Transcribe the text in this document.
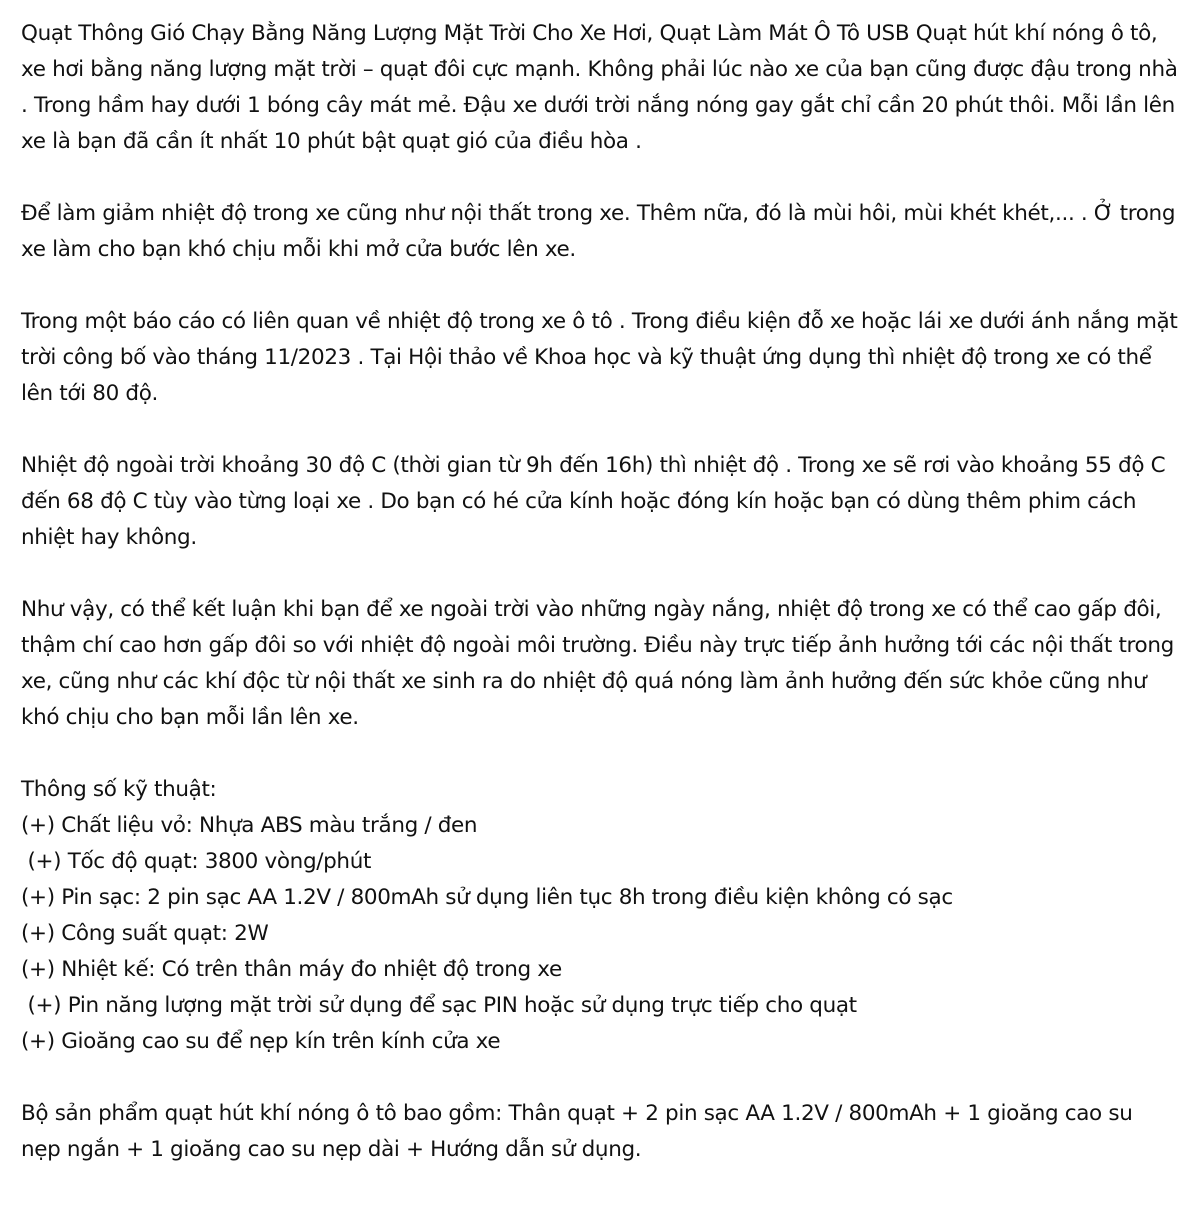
Quạt Thông Gió Chạy Bằng Năng Lượng Mặt Trời Cho Xe Hơi, Quạt Làm Mát Ô Tô USB Quạt hút khí nóng ô tô, xe hơi bằng năng lượng mặt trời – quạt đôi cực mạnh. Không phải lúc nào xe của bạn cũng được đậu trong nhà . Trong hầm hay dưới 1 bóng cây mát mẻ. Đậu xe dưới trời nắng nóng gay gắt chỉ cần 20 phút thôi. Mỗi lần lên xe là bạn đã cần ít nhất 10 phút bật quạt gió của điều hòa .

Để làm giảm nhiệt độ trong xe cũng như nội thất trong xe. Thêm nữa, đó là mùi hôi, mùi khét khét,... . Ở trong xe làm cho bạn khó chịu mỗi khi mở cửa bước lên xe.

Trong một báo cáo có liên quan về nhiệt độ trong xe ô tô . Trong điều kiện đỗ xe hoặc lái xe dưới ánh nắng mặt trời công bố vào tháng 11/2023 . Tại Hội thảo về Khoa học và kỹ thuật ứng dụng thì nhiệt độ trong xe có thể lên tới 80 độ.

Nhiệt độ ngoài trời khoảng 30 độ C (thời gian từ 9h đến 16h) thì nhiệt độ . Trong xe sẽ rơi vào khoảng 55 độ C đến 68 độ C tùy vào từng loại xe . Do bạn có hé cửa kính hoặc đóng kín hoặc bạn có dùng thêm phim cách nhiệt hay không.

Như vậy, có thể kết luận khi bạn để xe ngoài trời vào những ngày nắng, nhiệt độ trong xe có thể cao gấp đôi, thậm chí cao hơn gấp đôi so với nhiệt độ ngoài môi trường. Điều này trực tiếp ảnh hưởng tới các nội thất trong xe, cũng như các khí độc từ nội thất xe sinh ra do nhiệt độ quá nóng làm ảnh hưởng đến sức khỏe cũng như khó chịu cho bạn mỗi lần lên xe.

Thông số kỹ thuật:
(+) Chất liệu vỏ: Nhựa ABS màu trắng / đen
(+) Tốc độ quạt: 3800 vòng/phút
(+) Pin sạc: 2 pin sạc AA 1.2V / 800mAh sử dụng liên tục 8h trong điều kiện không có sạc
(+) Công suất quạt: 2W
(+) Nhiệt kế: Có trên thân máy đo nhiệt độ trong xe
(+) Pin năng lượng mặt trời sử dụng để sạc PIN hoặc sử dụng trực tiếp cho quạt
(+) Gioăng cao su để nẹp kín trên kính cửa xe

Bộ sản phẩm quạt hút khí nóng ô tô bao gồm: Thân quạt + 2 pin sạc AA 1.2V / 800mAh + 1 gioăng cao su nẹp ngắn + 1 gioăng cao su nẹp dài + Hướng dẫn sử dụng.
